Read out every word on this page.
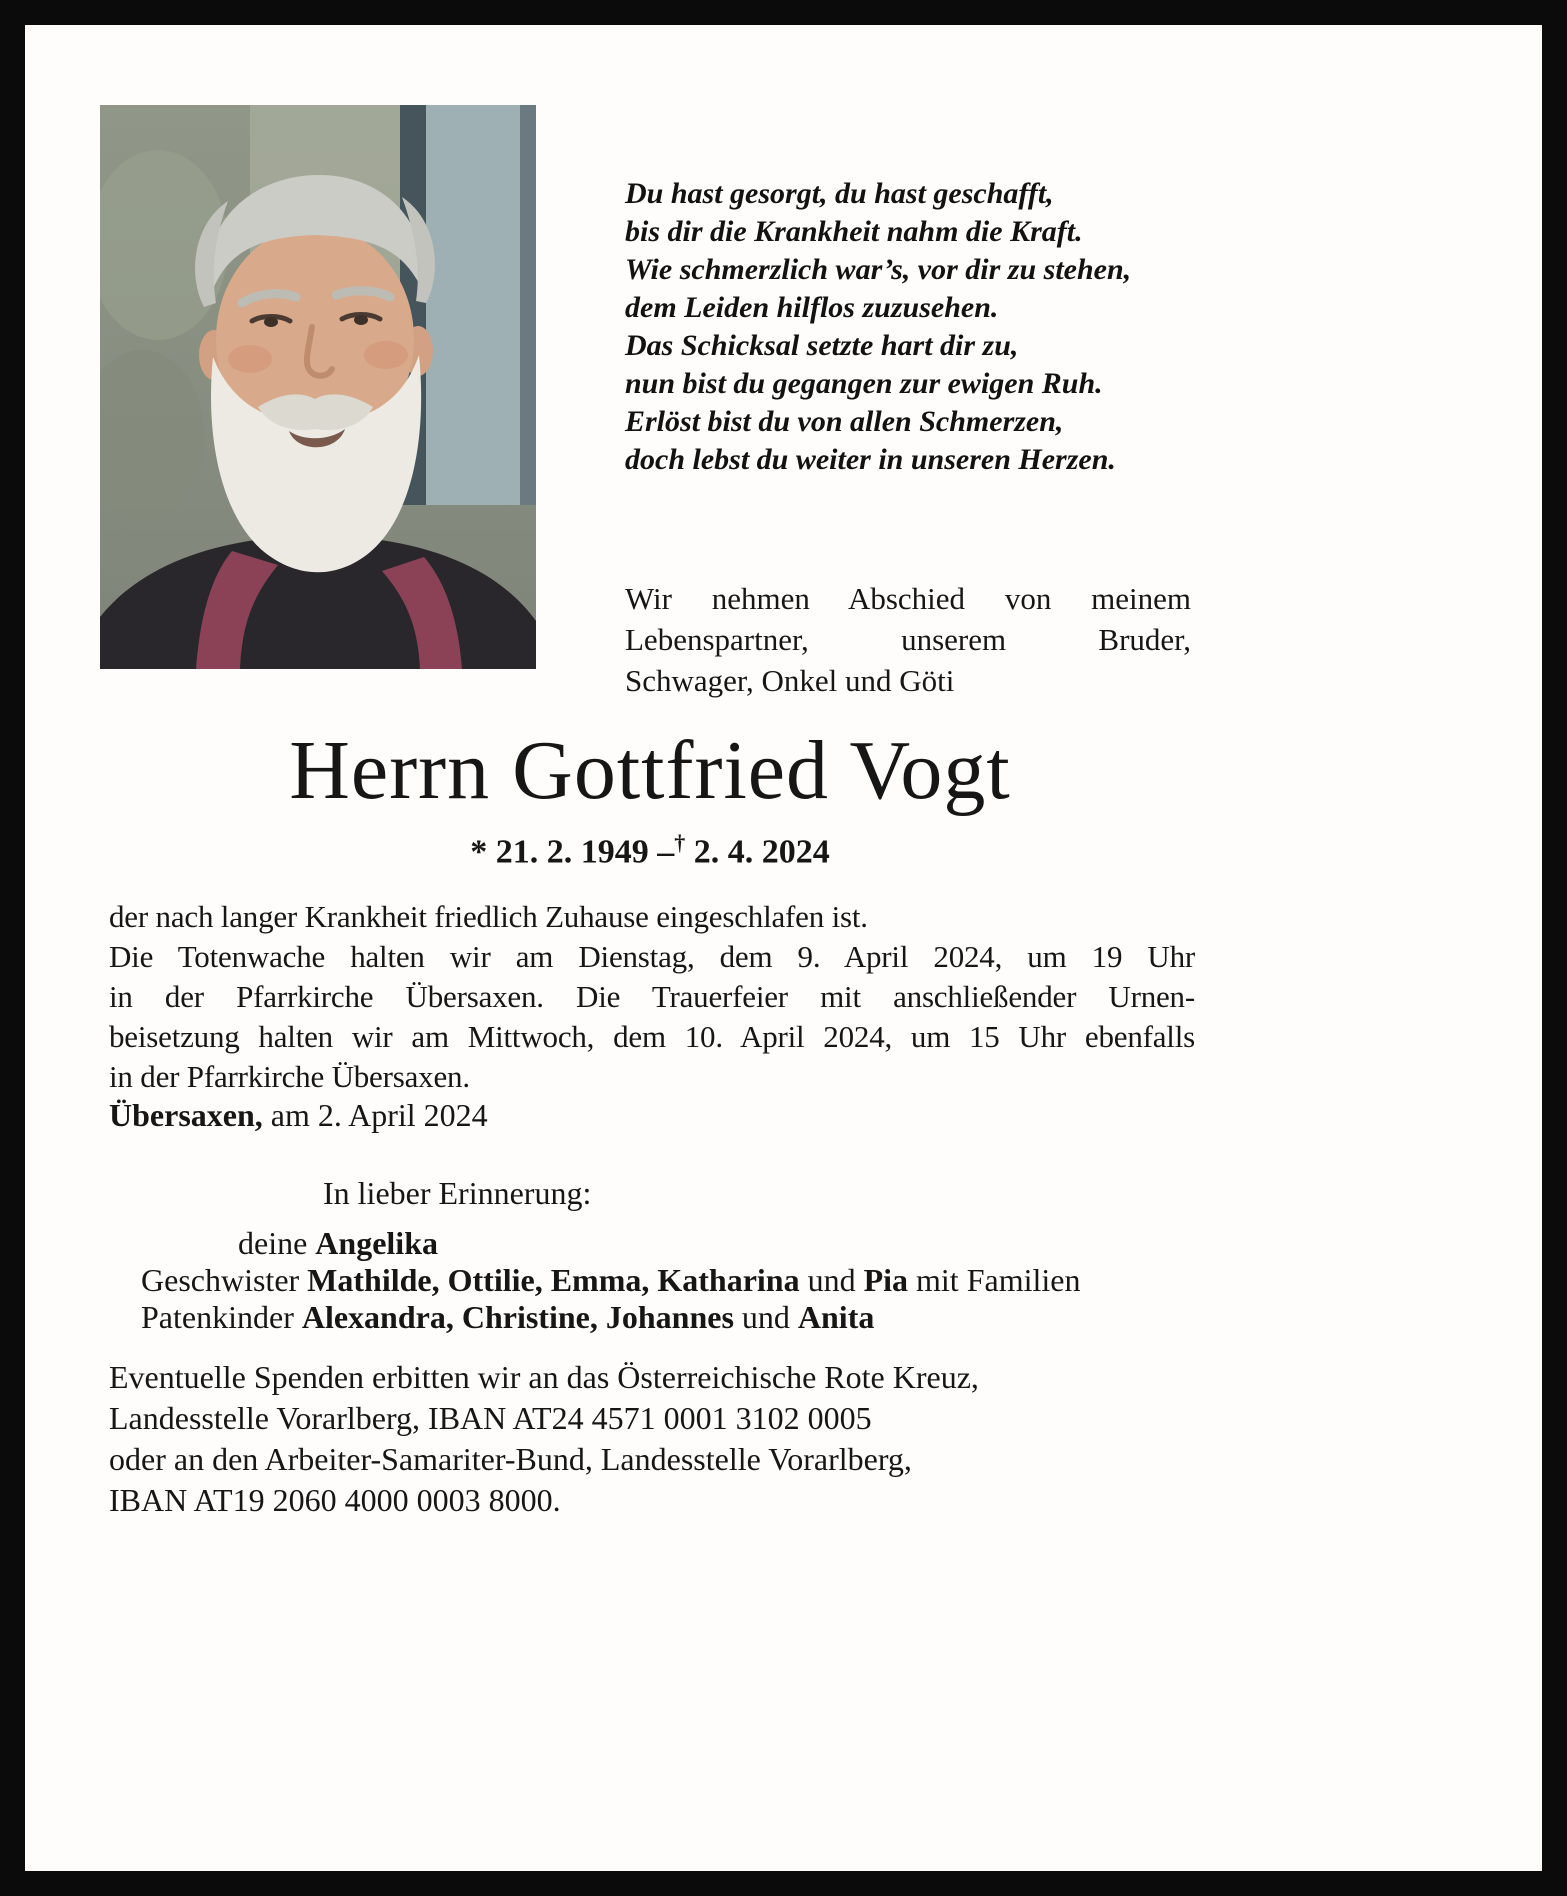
Du hast gesorgt, du hast geschafft,
bis dir die Krankheit nahm die Kraft.
Wie schmerzlich war’s, vor dir zu stehen,
dem Leiden hilflos zuzusehen.
Das Schicksal setzte hart dir zu,
nun bist du gegangen zur ewigen Ruh.
Erlöst bist du von allen Schmerzen,
doch lebst du weiter in unseren Herzen.
Wir nehmen Abschied von meinem
Lebenspartner, unserem Bruder,
Schwager, Onkel und Göti
Herrn Gottfried Vogt
* 21. 2. 1949 –† 2. 4. 2024
der nach langer Krankheit friedlich Zuhause eingeschlafen ist.
Die Totenwache halten wir am Dienstag, dem 9. April 2024, um 19 Uhr
in der Pfarrkirche Übersaxen. Die Trauerfeier mit anschließender Urnen-
beisetzung halten wir am Mittwoch, dem 10. April 2024, um 15 Uhr ebenfalls
in der Pfarrkirche Übersaxen.
Übersaxen, am 2. April 2024
In lieber Erinnerung:
deine Angelika
Geschwister Mathilde, Ottilie, Emma, Katharina und Pia mit Familien
Patenkinder Alexandra, Christine, Johannes und Anita
Eventuelle Spenden erbitten wir an das Österreichische Rote Kreuz,
Landesstelle Vorarlberg, IBAN AT24 4571 0001 3102 0005
oder an den Arbeiter-Samariter-Bund, Landesstelle Vorarlberg,
IBAN AT19 2060 4000 0003 8000.
